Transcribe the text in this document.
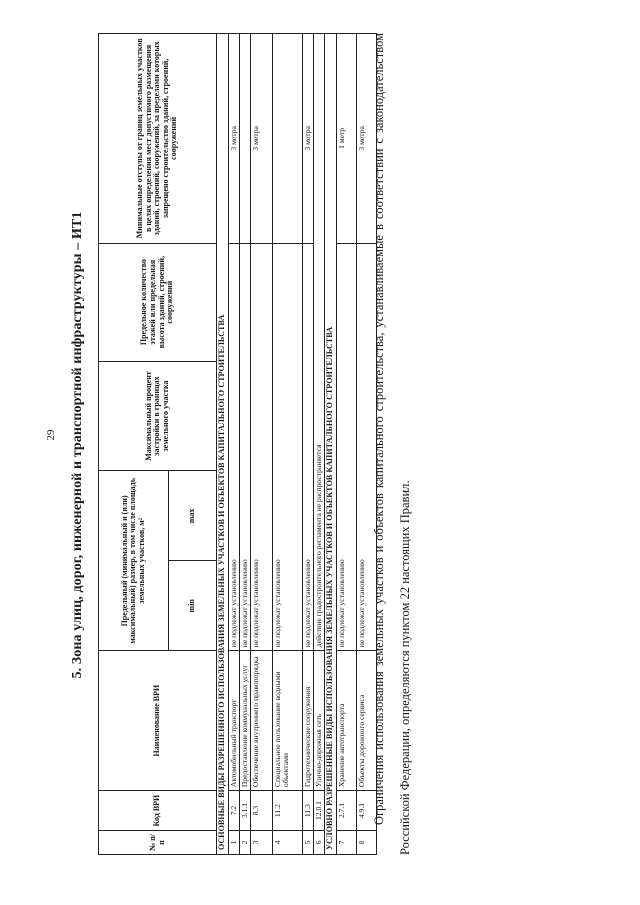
29 5. Зона улиц, дорог, инженерной и транспортной инфраструктуры – ИТ1
№ п/п	Код ВРИ	Наименование ВРИ	Предельный (минимальный и (или) максимальный) размер, в том числе площадь земельных участков, м²		Максимальный процент застройки в границах земельного участка	Предельное количество этажей или предельная высота зданий, строений, сооружений	Минимальные отступы от границ земельных участков в целях определения мест допустимого размещения зданий, строений, сооружений, за пределами которых запрещено строительство зданий, строений, сооружений
			min	max			
ОСНОВНЫЕ ВИДЫ РАЗРЕШЕННОГО ИСПОЛЬЗОВАНИЯ ЗЕМЕЛЬНЫХ УЧАСТКОВ И ОБЪЕКТОВ КАПИТАЛЬНОГО СТРОИТЕЛЬСТВА							
1	7.2	Автомобильный транспорт	не подлежат установлению				3 метра
2	3.1.1	Предоставление коммунальных услуг	не подлежат установлению				
3	8.3	Обеспечение внутреннего правопорядка	не подлежат установлению				3 метра
4	11.2	Специальное пользование водными объектами	не подлежат установлению				
5	11.3	Гидротехнические сооружения	не подлежат установлению				3 метра
6	12.0.1	Улично-дорожная сеть	действие градостроительного регламента не распространяется				
УСЛОВНО РАЗРЕШЕННЫЕ ВИДЫ ИСПОЛЬЗОВАНИЯ ЗЕМЕЛЬНЫХ УЧАСТКОВ И ОБЪЕКТОВ КАПИТАЛЬНОГО СТРОИТЕЛЬСТВА							
7	2.7.1	Хранение автотранспорта	не подлежат установлению				1 метр
8	4.9.1	Объекты дорожного сервиса	не подлежат установлению				3 метра Ограничения использования земельных участков и объектов капитального строительства, устанавливаемые в соответствии с законодательством Российской Федерации, определяются пунктом 22 настоящих Правил.
